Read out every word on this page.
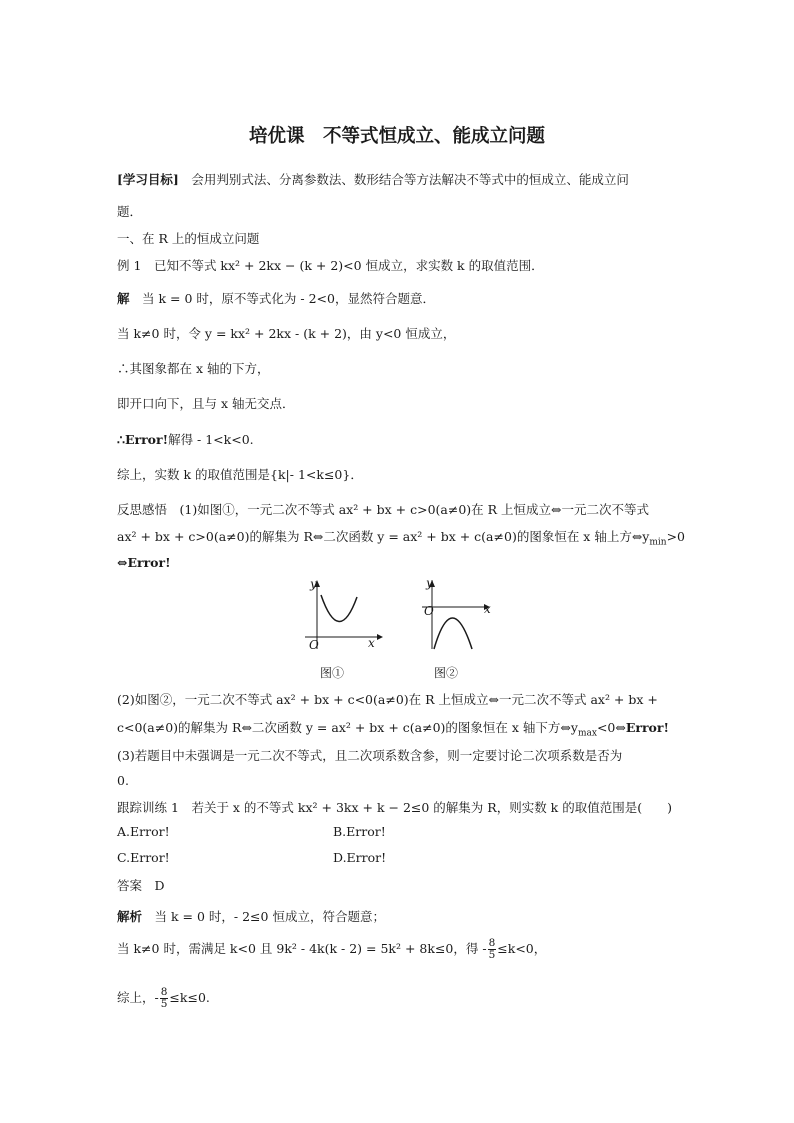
培优课　不等式恒成立、能成立问题
[学习目标]　会用判别式法、分离参数法、数形结合等方法解决不等式中的恒成立、能成立问
题．
一、在 R 上的恒成立问题
例 1　已知不等式 kx² + 2kx − (k + 2)<0 恒成立，求实数 k 的取值范围．
解　当 k = 0 时，原不等式化为 - 2<0，显然符合题意．
当 k≠0 时，令 y = kx² + 2kx - (k + 2)，由 y<0 恒成立，
∴其图象都在 x 轴的下方，
即开口向下，且与 x 轴无交点．
∴Error!解得 - 1<k<0.
综上，实数 k 的取值范围是{k|- 1<k≤0}．
反思感悟　(1)如图①，一元二次不等式 ax² + bx + c>0(a≠0)在 R 上恒成立⇔一元二次不等式
ax² + bx + c>0(a≠0)的解集为 R⇔二次函数 y = ax² + bx + c(a≠0)的图象恒在 x 轴上方$\Leftrightarrow y_{min}>0$
⇔Error!
y
x
O
图①
y
x
O
图②
(2)如图②，一元二次不等式 ax² + bx + c<0(a≠0)在 R 上恒成立⇔一元二次不等式 ax² + bx +
c<0(a≠0)的解集为 R⇔二次函数 y = ax² + bx + c(a≠0)的图象恒在 x 轴下方$\Leftrightarrow y_{max}<0\Leftrightarrow Error$!
(3)若题目中未强调是一元二次不等式，且二次项系数含参，则一定要讨论二次项系数是否为
0.
跟踪训练 1　若关于 x 的不等式 kx² + 3kx + k − 2≤0 的解集为 R，则实数 k 的取值范围是(　　)
A.Error!	B.Error!
C.Error!	D.Error!
答案　D
解析　当 k = 0 时，- 2≤0 恒成立，符合题意；
当 k≠0 时，需满足 k<0 且 9k² - 4k(k - 2) = 5k² + 8k≤0，得 - $\frac{8}{5} \le k<0$，
综上，- $\frac{8}{5} \le k\le 0$.
